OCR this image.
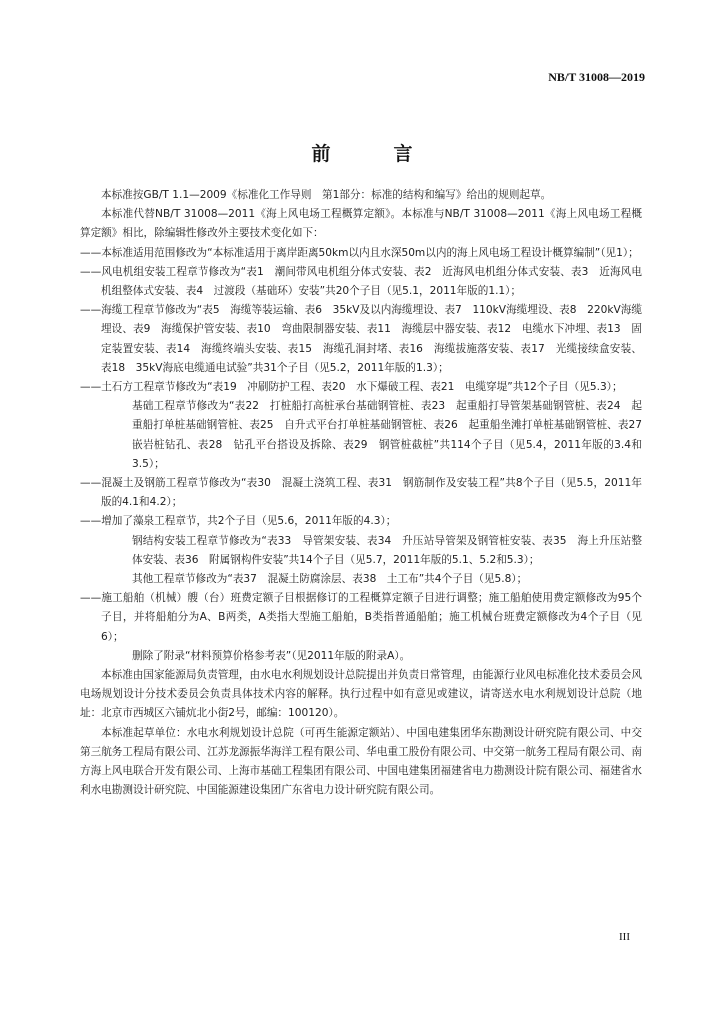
NB/T 31008—2019
前　言

本标准按GB/T 1.1—2009《标准化工作导则　第1部分：标准的结构和编写》给出的规则起草。

本标准代替NB/T 31008—2011《海上风电场工程概算定额》。本标准与NB/T 31008—2011《海上风电场工程概算定额》相比，除编辑性修改外主要技术变化如下：

——本标准适用范围修改为“本标准适用于离岸距离50km以内且水深50m以内的海上风电场工程设计概算编制”（见1）；

——风电机组安装工程章节修改为“表1　潮间带风电机组分体式安装、表2　近海风电机组分体式安装、表3　近海风电机组整体式安装、表4　过渡段（基础环）安装”共20个子目（见5.1，2011年版的1.1）；

——海缆工程章节修改为“表5　海缆等装运输、表6　35kV及以内海缆埋设、表7　110kV海缆埋设、表8　220kV海缆埋设、表9　海缆保护管安装、表10　弯曲限制器安装、表11　海缆层中器安装、表12　电缆水下冲埋、表13　固定装置安装、表14　海缆终端头安装、表15　海缆孔洞封堵、表16　海缆拔施落安装、表17　光缆接续盒安装、表18　35kV海底电缆通电试验”共31个子目（见5.2，2011年版的1.3）；

——土石方工程章节修改为“表19　冲刷防护工程、表20　水下爆破工程、表21　电缆穿堤”共12个子目（见5.3）；

基础工程章节修改为“表22　打桩船打高桩承台基础钢管桩、表23　起重船打导管架基础钢管桩、表24　起重船打单桩基础钢管桩、表25　自升式平台打单桩基础钢管桩、表26　起重船坐滩打单桩基础钢管桩、表27　嵌岩桩钻孔、表28　钻孔平台搭设及拆除、表29　钢管桩截桩”共114个子目（见5.4，2011年版的3.4和3.5）；

——混凝土及钢筋工程章节修改为“表30　混凝土浇筑工程、表31　钢筋制作及安装工程”共8个子目（见5.5，2011年版的4.1和4.2）；

——增加了藻泉工程章节，共2个子目（见5.6，2011年版的4.3）；

钢结构安装工程章节修改为“表33　导管架安装、表34　升压站导管架及钢管桩安装、表35　海上升压站整体安装、表36　附属钢构件安装”共14个子目（见5.7，2011年版的5.1、5.2和5.3）；

其他工程章节修改为“表37　混凝土防腐涂层、表38　土工布”共4个子目（见5.8）；

——施工船舶（机械）艘（台）班费定额子目根据修订的工程概算定额子目进行调整；施工船舶使用费定额修改为95个子目，并将船舶分为A、B两类，A类指大型施工船舶，B类指普通船舶；施工机械台班费定额修改为4个子目（见6）；

删除了附录“材料预算价格参考表”（见2011年版的附录A）。

本标准由国家能源局负责管理，由水电水利规划设计总院提出并负责日常管理，由能源行业风电标准化技术委员会风电场规划设计分技术委员会负责具体技术内容的解释。执行过程中如有意见或建议，请寄送水电水利规划设计总院（地址：北京市西城区六铺炕北小街2号，邮编：100120）。

本标准起草单位：水电水利规划设计总院（可再生能源定额站）、中国电建集团华东勘测设计研究院有限公司、中交第三航务工程局有限公司、江苏龙源振华海洋工程有限公司、华电重工股份有限公司、中交第一航务工程局有限公司、南方海上风电联合开发有限公司、上海市基础工程集团有限公司、中国电建集团福建省电力勘测设计院有限公司、福建省水利水电勘测设计研究院、中国能源建设集团广东省电力设计研究院有限公司。

III
